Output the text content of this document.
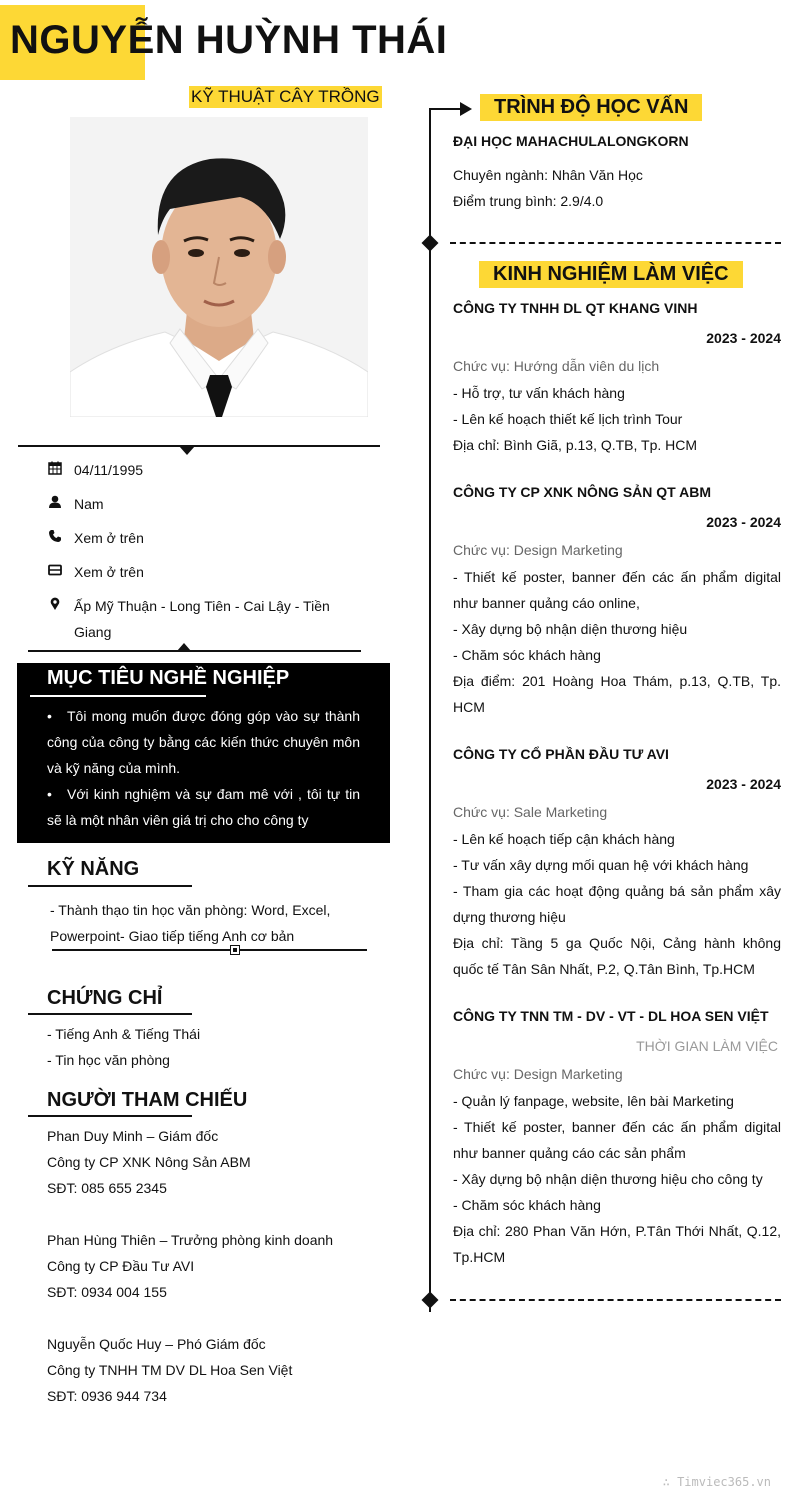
NGUYỄN HUỲNH THÁI
KỸ THUẬT CÂY TRỒNG
04/11/1995
Nam
Xem ở trên
Xem ở trên
Ấp Mỹ Thuận - Long Tiên - Cai Lậy - Tiền Giang
MỤC TIÊU NGHỀ NGHIỆP

• Tôi mong muốn được đóng góp vào sự thành công của công ty bằng các kiến thức chuyên môn và kỹ năng của mình.

• Với kinh nghiệm và sự đam mê với , tôi tự tin sẽ là một nhân viên giá trị cho cho công ty

KỸ NĂNG
- Thành thạo tin học văn phòng: Word, Excel, Powerpoint- Giao tiếp tiếng Anh cơ bản
CHỨNG CHỈ
- Tiếng Anh & Tiếng Thái
- Tin học văn phòng
NGƯỜI THAM CHIẾU
Phan Duy Minh – Giám đốc
Công ty CP XNK Nông Sản ABM
SĐT: 085 655 2345
Phan Hùng Thiên – Trưởng phòng kinh doanh
Công ty CP Đầu Tư AVI
SĐT: 0934 004 155
Nguyễn Quốc Huy – Phó Giám đốc
Công ty TNHH TM DV DL Hoa Sen Việt
SĐT: 0936 944 734
TRÌNH ĐỘ HỌC VẤN
ĐẠI HỌC MAHACHULALONGKORN
Chuyên ngành: Nhân Văn Học
Điểm trung bình: 2.9/4.0
KINH NGHIỆM LÀM VIỆC
CÔNG TY TNHH DL QT KHANG VINH
2023 - 2024
Chức vụ: Hướng dẫn viên du lịch

- Hỗ trợ, tư vấn khách hàng

- Lên kế hoạch thiết kế lịch trình Tour

Địa chỉ: Bình Giã, p.13, Q.TB, Tp. HCM

CÔNG TY CP XNK NÔNG SẢN QT ABM
2023 - 2024
Chức vụ: Design Marketing

- Thiết kế poster, banner đến các ấn phẩm digital như banner quảng cáo online,

- Xây dựng bộ nhận diện thương hiệu

- Chăm sóc khách hàng

Địa điểm: 201 Hoàng Hoa Thám, p.13, Q.TB, Tp. HCM

CÔNG TY CỔ PHẦN ĐẦU TƯ AVI
2023 - 2024
Chức vụ: Sale Marketing

- Lên kế hoạch tiếp cận khách hàng

- Tư vấn xây dựng mối quan hệ với khách hàng

- Tham gia các hoạt động quảng bá sản phẩm xây dựng thương hiệu

Địa chỉ: Tầng 5 ga Quốc Nội, Cảng hành không quốc tế Tân Sân Nhất, P.2, Q.Tân Bình, Tp.HCM

CÔNG TY TNN TM - DV - VT - DL HOA SEN VIỆT
THỜI GIAN LÀM VIỆC
Chức vụ: Design Marketing

- Quản lý fanpage, website, lên bài Marketing

- Thiết kế poster, banner đến các ấn phẩm digital như banner quảng cáo các sản phẩm

- Xây dựng bộ nhận diện thương hiệu cho công ty

- Chăm sóc khách hàng

Địa chỉ: 280 Phan Văn Hớn, P.Tân Thới Nhất, Q.12, Tp.HCM

∴ Timviec365.vn
